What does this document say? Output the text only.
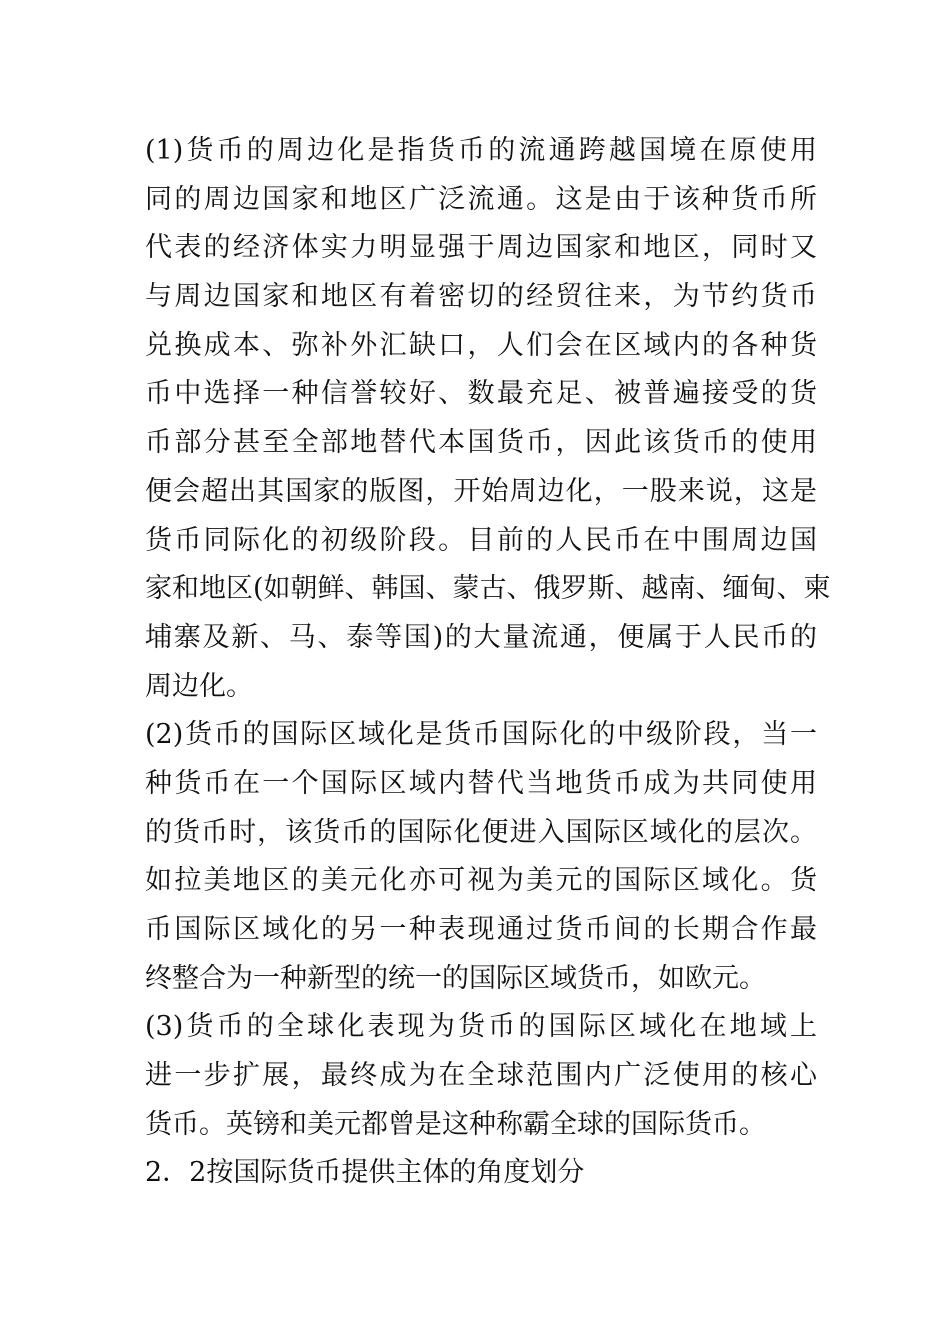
(1)货币的周边化是指货币的流通跨越国境在原使用
同的周边国家和地区广泛流通。这是由于该种货币所
代表的经济体实力明显强于周边国家和地区，同时又
与周边国家和地区有着密切的经贸往来，为节约货币
兑换成本、弥补外汇缺口，人们会在区域内的各种货
币中选择一种信誉较好、数最充足、被普遍接受的货
币部分甚至全部地替代本国货币，因此该货币的使用
便会超出其国家的版图，开始周边化，一股来说，这是
货币同际化的初级阶段。目前的人民币在中围周边国
家和地区(如朝鲜、韩国、蒙古、俄罗斯、越南、缅甸、柬
埔寨及新、马、泰等国)的大量流通，便属于人民币的
周边化。
(2)货币的国际区域化是货币国际化的中级阶段，当一
种货币在一个国际区域内替代当地货币成为共同使用
的货币时，该货币的国际化便进入国际区域化的层次。
如拉美地区的美元化亦可视为美元的国际区域化。货
币国际区域化的另一种表现通过货币间的长期合作最
终整合为一种新型的统一的国际区域货币，如欧元。
(3)货币的全球化表现为货币的国际区域化在地域上
进一步扩展，最终成为在全球范围内广泛使用的核心
货币。英镑和美元都曾是这种称霸全球的国际货币。
2．2按国际货币提供主体的角度划分
